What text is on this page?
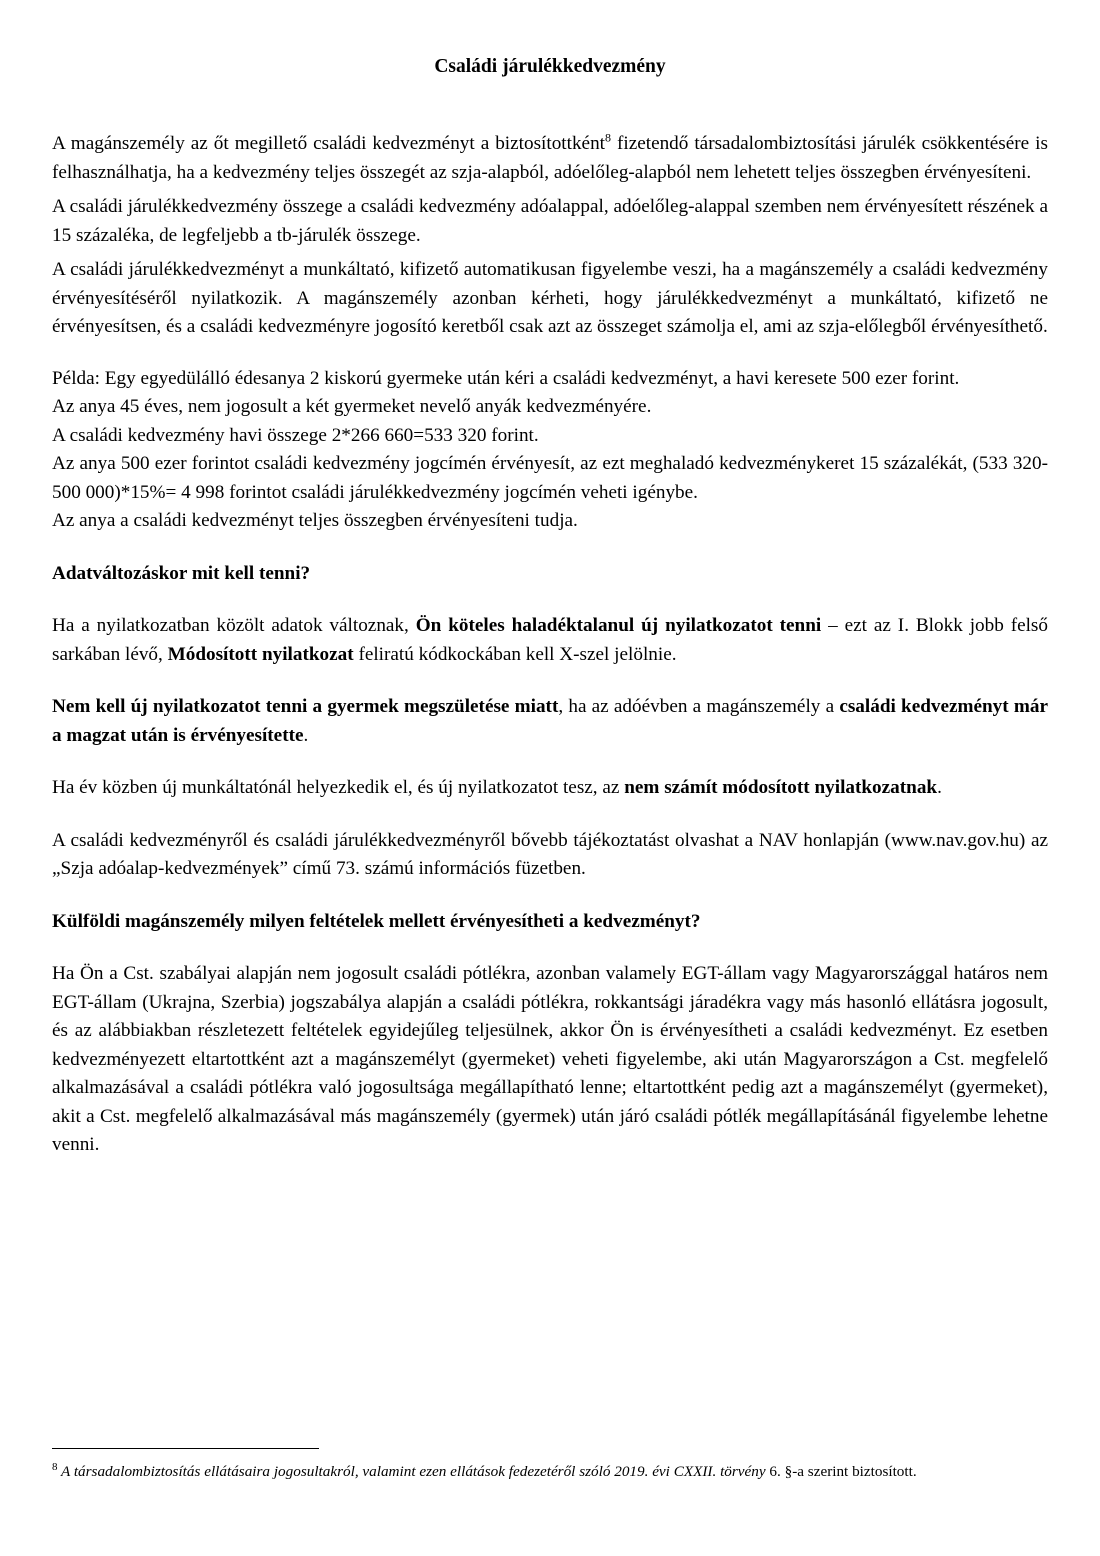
Családi járulékkedvezmény

A magánszemély az őt megillető családi kedvezményt a biztosítottként$^8$ fizetendő társadalombiztosítási járulék csökkentésére is felhasználhatja, ha a kedvezmény teljes összegét az szja-alapból, adóelőleg-alapból nem lehetett teljes összegben érvényesíteni.

A családi járulékkedvezmény összege a családi kedvezmény adóalappal, adóelőleg-alappal szemben nem érvényesített részének a 15 százaléka, de legfeljebb a tb-járulék összege.

A családi járulékkedvezményt a munkáltató, kifizető automatikusan figyelembe veszi, ha a magánszemély a családi kedvezmény érvényesítéséről nyilatkozik. A magánszemély azonban kérheti, hogy járulékkedvezményt a munkáltató, kifizető ne érvényesítsen, és a családi kedvezményre jogosító keretből csak azt az összeget számolja el, ami az szja-előlegből érvényesíthető.

Példa: Egy egyedülálló édesanya 2 kiskorú gyermeke után kéri a családi kedvezményt, a havi keresete 500 ezer forint.

Az anya 45 éves, nem jogosult a két gyermeket nevelő anyák kedvezményére.

A családi kedvezmény havi összege 2*266 660=533 320 forint.

Az anya 500 ezer forintot családi kedvezmény jogcímén érvényesít, az ezt meghaladó kedvezménykeret 15 százalékát, (533 320-500 000)*15%= 4 998 forintot családi járulékkedvezmény jogcímén veheti igénybe.

Az anya a családi kedvezményt teljes összegben érvényesíteni tudja.

Adatváltozáskor mit kell tenni?

Ha a nyilatkozatban közölt adatok változnak, Ön köteles haladéktalanul új nyilatkozatot tenni – ezt az I. Blokk jobb felső sarkában lévő, Módosított nyilatkozat feliratú kódkockában kell X-szel jelölnie.

Nem kell új nyilatkozatot tenni a gyermek megszületése miatt, ha az adóévben a magánszemély a családi kedvezményt már a magzat után is érvényesítette.

Ha év közben új munkáltatónál helyezkedik el, és új nyilatkozatot tesz, az nem számít módosított nyilatkozatnak.

A családi kedvezményről és családi járulékkedvezményről bővebb tájékoztatást olvashat a NAV honlapján (www.nav.gov.hu) az „Szja adóalap-kedvezmények” című 73. számú információs füzetben.

Külföldi magánszemély milyen feltételek mellett érvényesítheti a kedvezményt?

Ha Ön a Cst. szabályai alapján nem jogosult családi pótlékra, azonban valamely EGT-állam vagy Magyarországgal határos nem EGT-állam (Ukrajna, Szerbia) jogszabálya alapján a családi pótlékra, rokkantsági járadékra vagy más hasonló ellátásra jogosult, és az alábbiakban részletezett feltételek egyidejűleg teljesülnek, akkor Ön is érvényesítheti a családi kedvezményt. Ez esetben kedvezményezett eltartottként azt a magánszemélyt (gyermeket) veheti figyelembe, aki után Magyarországon a Cst. megfelelő alkalmazásával a családi pótlékra való jogosultsága megállapítható lenne; eltartottként pedig azt a magánszemélyt (gyermeket), akit a Cst. megfelelő alkalmazásával más magánszemély (gyermek) után járó családi pótlék megállapításánál figyelembe lehetne venni.

$^8$ A társadalombiztosítás ellátásaira jogosultakról, valamint ezen ellátások fedezetéről szóló 2019. évi CXXII. törvény 6. §-a szerint biztosított.
